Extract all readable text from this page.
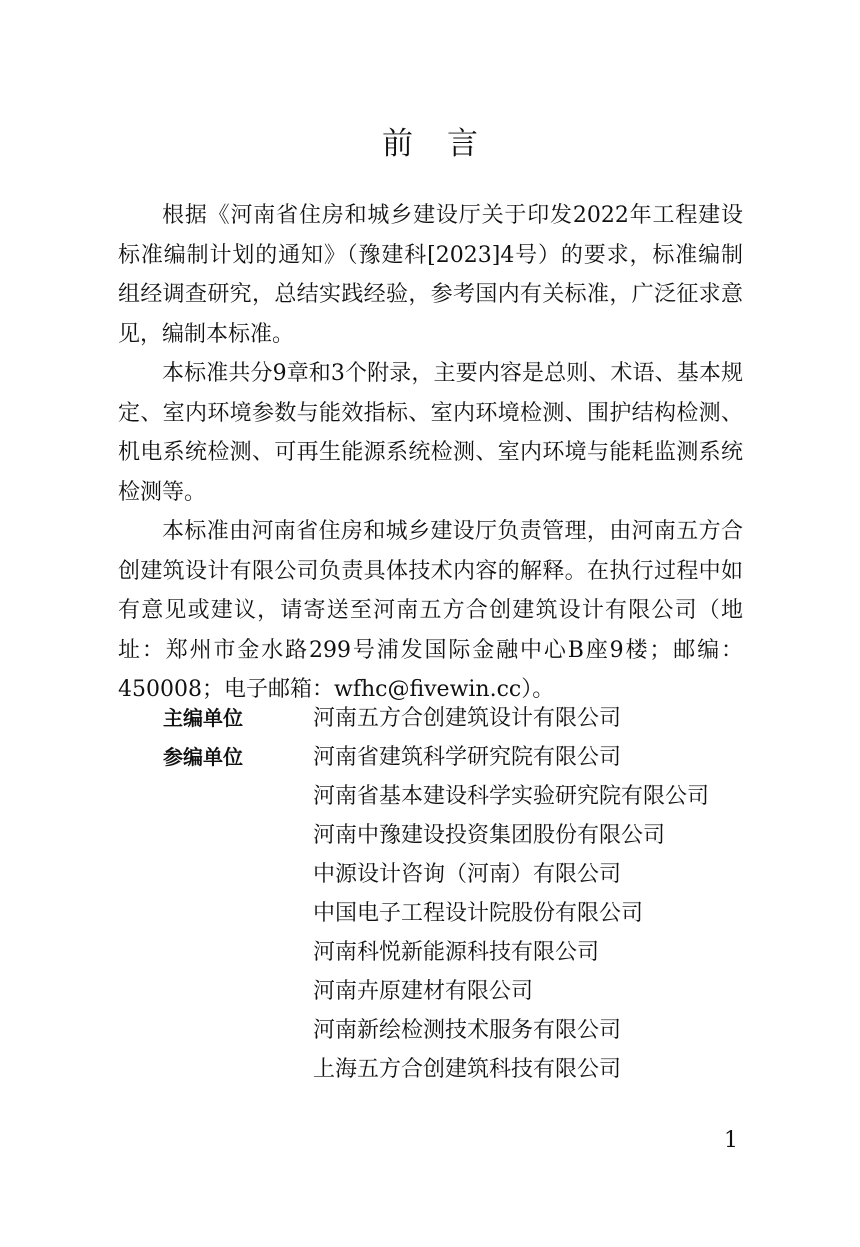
前 言

根据《河南省住房和城乡建设厅关于印发2022年工程建设标准编制计划的通知》（豫建科[2023]4号）的要求，标准编制组经调查研究，总结实践经验，参考国内有关标准，广泛征求意见，编制本标准。

本标准共分9章和3个附录，主要内容是总则、术语、基本规定、室内环境参数与能效指标、室内环境检测、围护结构检测、机电系统检测、可再生能源系统检测、室内环境与能耗监测系统检测等。

本标准由河南省住房和城乡建设厅负责管理，由河南五方合创建筑设计有限公司负责具体技术内容的解释。在执行过程中如有意见或建议，请寄送至河南五方合创建筑设计有限公司（地址：郑州市金水路299号浦发国际金融中心B座9楼；邮编：450008；电子邮箱：wfhc@fivewin.cc）。

主编单位	河南五方合创建筑设计有限公司
参编单位	河南省建筑科学研究院有限公司
河南省基本建设科学实验研究院有限公司
河南中豫建设投资集团股份有限公司
中源设计咨询（河南）有限公司
中国电子工程设计院股份有限公司
河南科悦新能源科技有限公司
河南卉原建材有限公司
河南新绘检测技术服务有限公司
上海五方合创建筑科技有限公司
1
